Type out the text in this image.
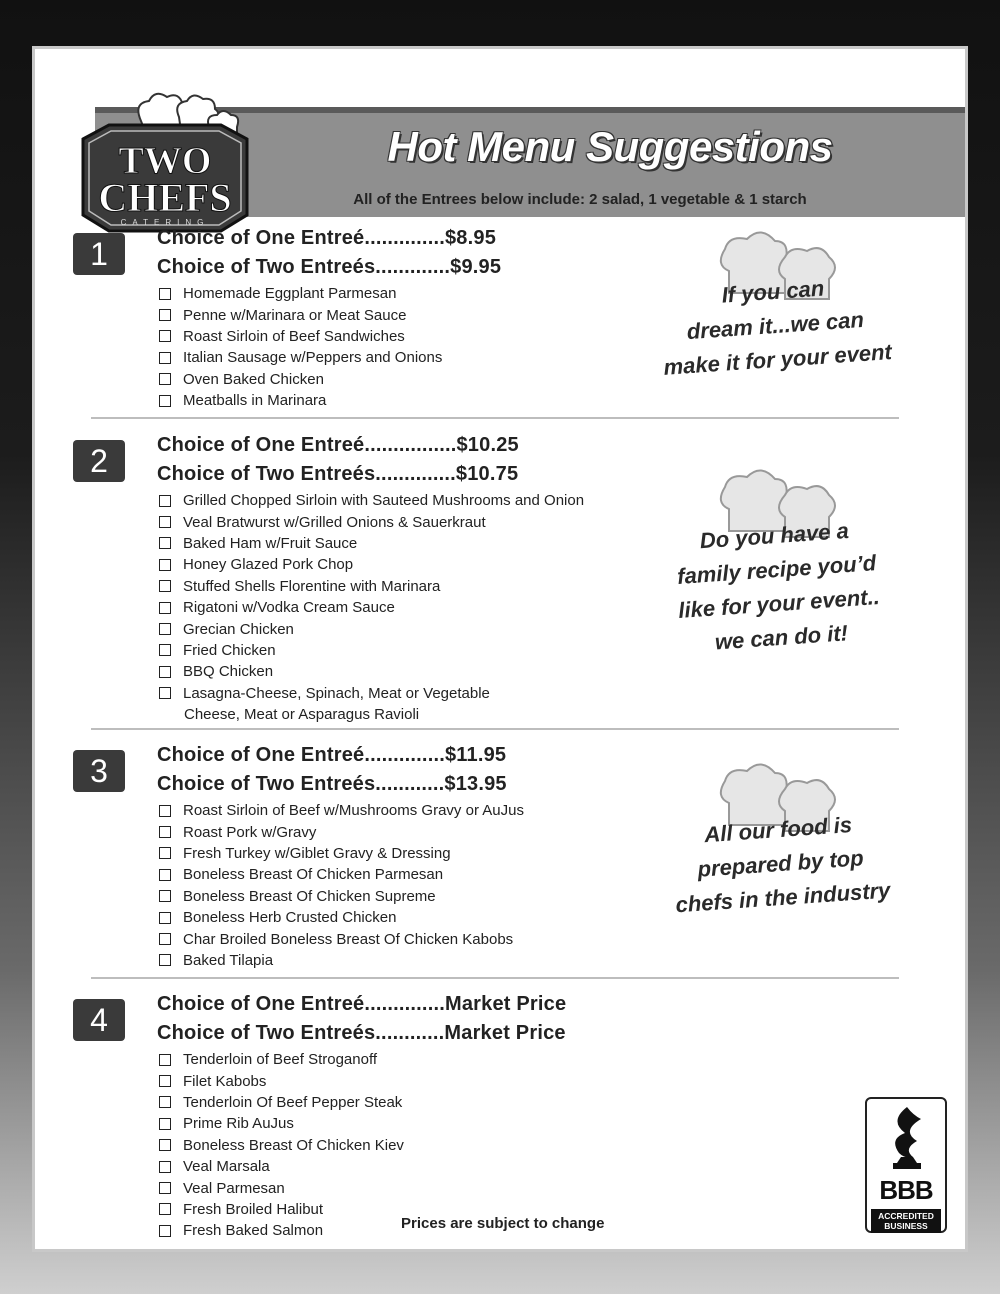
Hot Menu Suggestions
TWO
CHEFS
CATERING
All of the Entrees below include: 2 salad, 1 vegetable & 1 starch
1	Choice of One Entreé..............$8.95
Choice of Two Entreés.............$9.95
Homemade Eggplant Parmesan
Penne w/Marinara or Meat Sauce
Roast Sirloin of Beef Sandwiches
Italian Sausage w/Peppers and Onions
Oven Baked Chicken
Meatballs in Marinara
2	Choice of One Entreé................$10.25
Choice of Two Entreés..............$10.75
Grilled Chopped Sirloin with Sauteed Mushrooms and Onion
Veal Bratwurst w/Grilled Onions & Sauerkraut
Baked Ham w/Fruit Sauce
Honey Glazed Pork Chop
Stuffed Shells Florentine with Marinara
Rigatoni w/Vodka Cream Sauce
Grecian Chicken
Fried Chicken
BBQ Chicken
Lasagna-Cheese, Spinach, Meat or Vegetable
Cheese, Meat or Asparagus Ravioli
3	Choice of One Entreé..............$11.95
Choice of Two Entreés............$13.95
Roast Sirloin of Beef w/Mushrooms Gravy or AuJus
Roast Pork w/Gravy
Fresh Turkey w/Giblet Gravy & Dressing
Boneless Breast Of Chicken Parmesan
Boneless Breast Of Chicken Supreme
Boneless Herb Crusted Chicken
Char Broiled Boneless Breast Of Chicken Kabobs
Baked Tilapia
4	Choice of One Entreé..............Market Price
Choice of Two Entreés............Market Price
Tenderloin of Beef Stroganoff
Filet Kabobs
Tenderloin Of Beef Pepper Steak
Prime Rib AuJus
Boneless Breast Of Chicken Kiev
Veal Marsala
Veal Parmesan
Fresh Broiled Halibut
Fresh Baked Salmon
If you can
dream it...we can
make it for your event
Do you have a
family recipe you’d
like for your event..
we can do it!
All our food is
prepared by top
chefs in the industry
Prices are subject to change
BBB
ACCREDITED
BUSINESS
